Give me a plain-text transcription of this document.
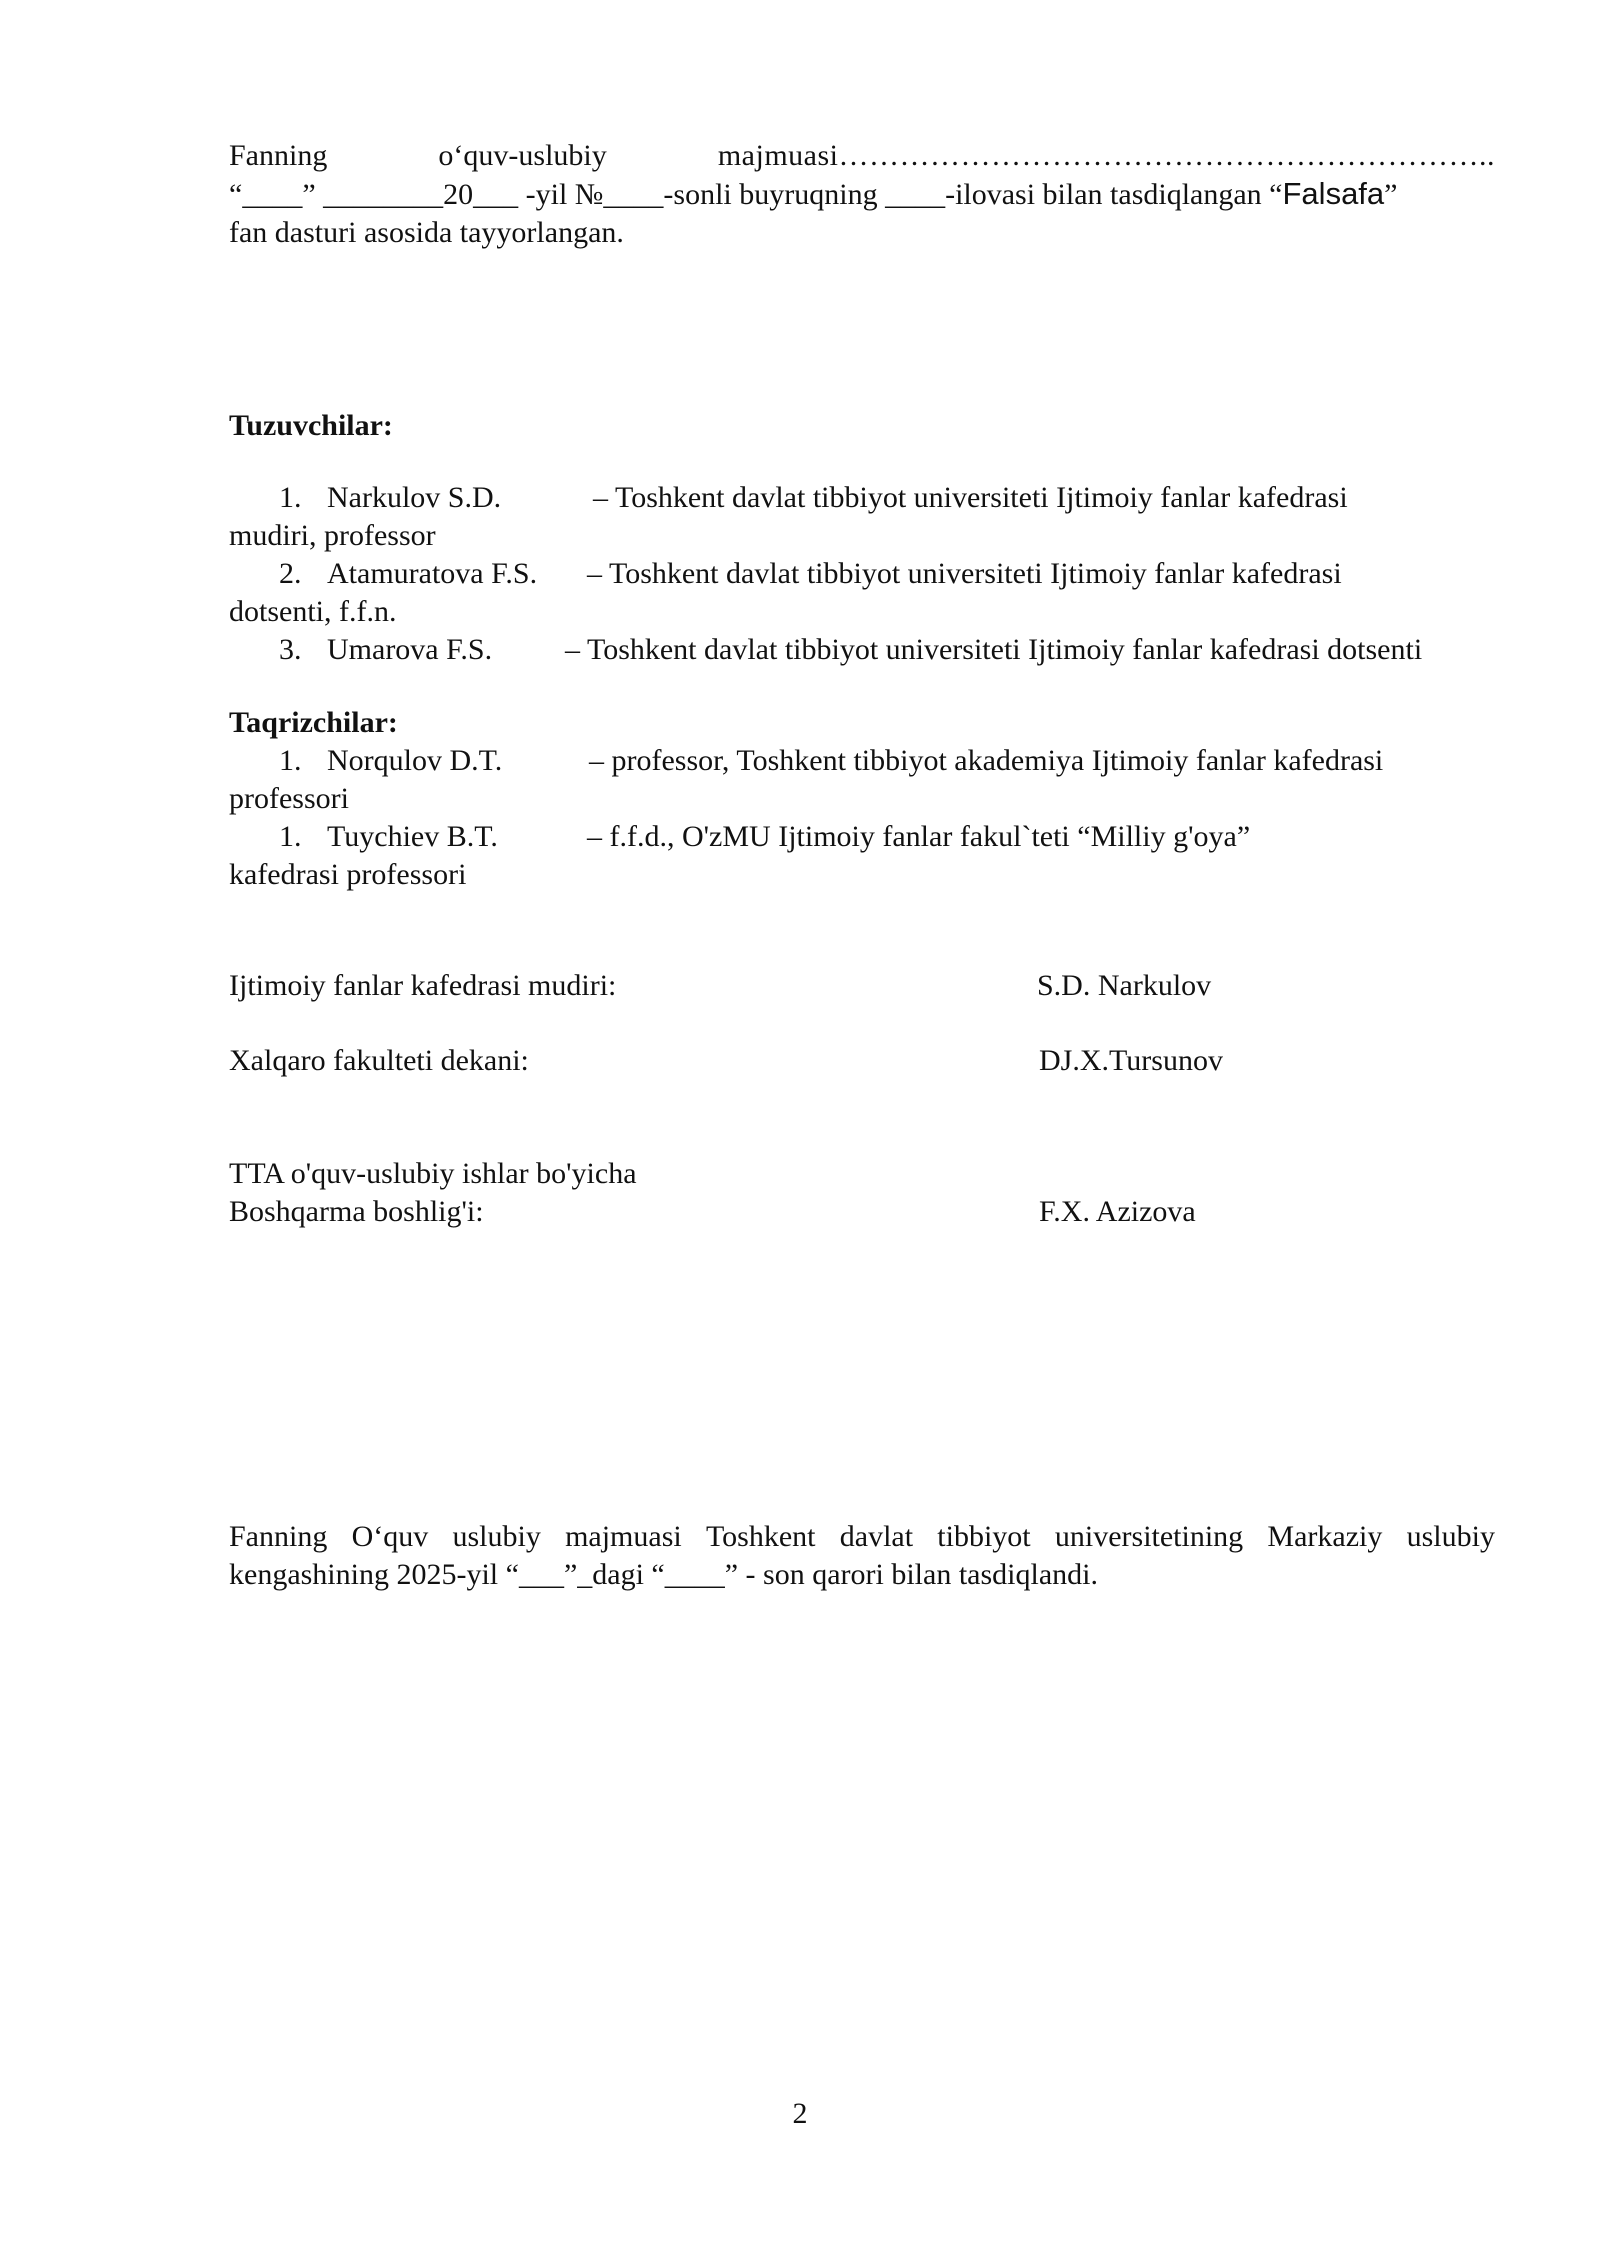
Fanning	o‘quv-uslubiy	majmuasi………………………………………………………..
“____” ________20___ -yil №____-sonli buyruqning ____-ilovasi bilan tasdiqlangan “Falsafa”
fan dasturi asosida tayyorlangan.
Tuzuvchilar:
1. Narkulov S.D.	– Toshkent davlat tibbiyot universiteti Ijtimoiy fanlar kafedrasi
mudiri, professor
2. Atamuratova F.S. – Toshkent davlat tibbiyot universiteti Ijtimoiy fanlar kafedrasi
dotsenti, f.f.n.
3. Umarova F.S. – Toshkent davlat tibbiyot universiteti Ijtimoiy fanlar kafedrasi dotsenti
Taqrizchilar:
1. Norqulov D.T.	– professor, Toshkent tibbiyot akademiya Ijtimoiy fanlar kafedrasi
professori
1. Tuychiev B.T.	– f.f.d., O'zMU Ijtimoiy fanlar fakul`teti “Milliy g'oya”
kafedrasi professori
Ijtimoiy fanlar kafedrasi mudiri:	S.D. Narkulov
Xalqaro fakulteti dekani:	DJ.X.Tursunov
TTA o'quv-uslubiy ishlar bo'yicha
Boshqarma boshlig'i:	F.X. Azizova
Fanning O‘quv uslubiy majmuasi Toshkent davlat tibbiyot universitetining Markaziy uslubiy
kengashining 2025-yil “___”_dagi “____” - son qarori bilan tasdiqlandi.
2
